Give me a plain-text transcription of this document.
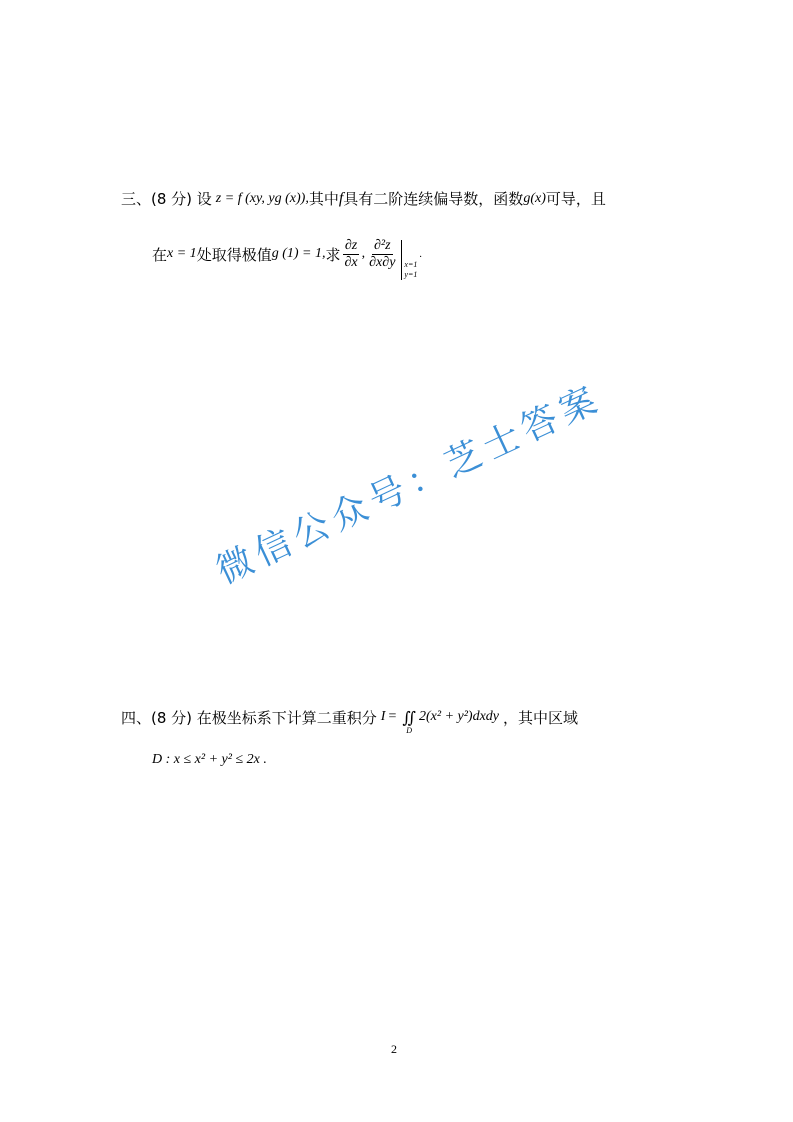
三、(8 分) 设 z = f (xy, yg (x)), 其中 f 具有二阶连续偏导数，函数 g(x) 可导，且
在 x = 1 处取得极值 g (1) = 1, 求 $\frac{\partial z}{\partial x}$ , $\frac{\text{∂²z}}{\partial x\partial y} x=1$
y=1
.
微信公众号：芝士答案
四、(8 分) 在极坐标系下计算二重积分 I = ∬
D
2(x² + y²)dxdy ，其中区域
D : x ≤ x² + y² ≤ 2x .
2
